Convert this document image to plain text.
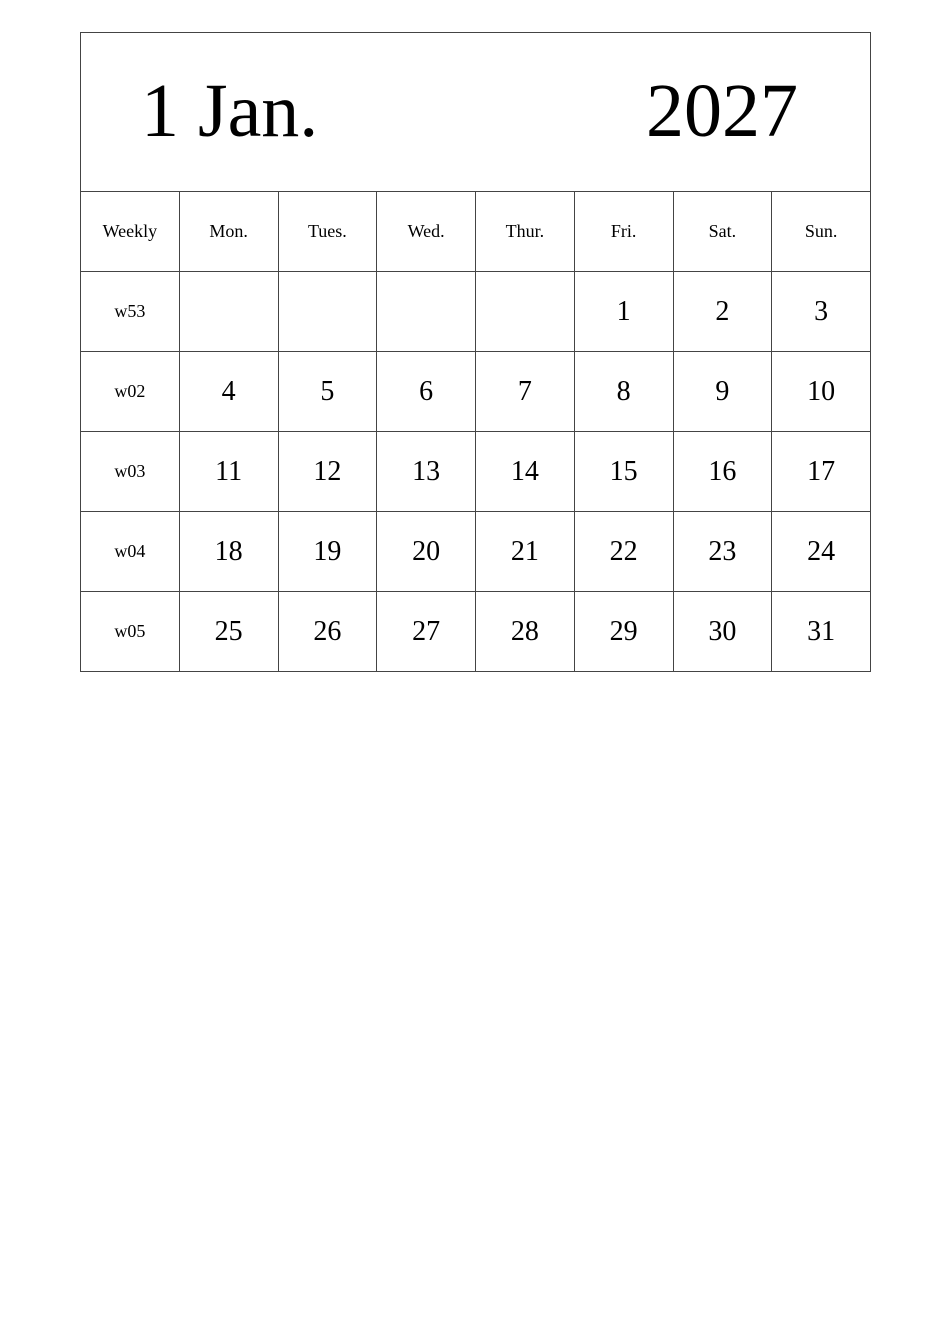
1 Jan. 2027							

Weekly	Mon.	Tues.	Wed.	Thur.	Fri.	Sat.	Sun.
w53					1	2	3
w02	4	5	6	7	8	9	10
w03	11	12	13	14	15	16	17
w04	18	19	20	21	22	23	24
w05	25	26	27	28	29	30	31
